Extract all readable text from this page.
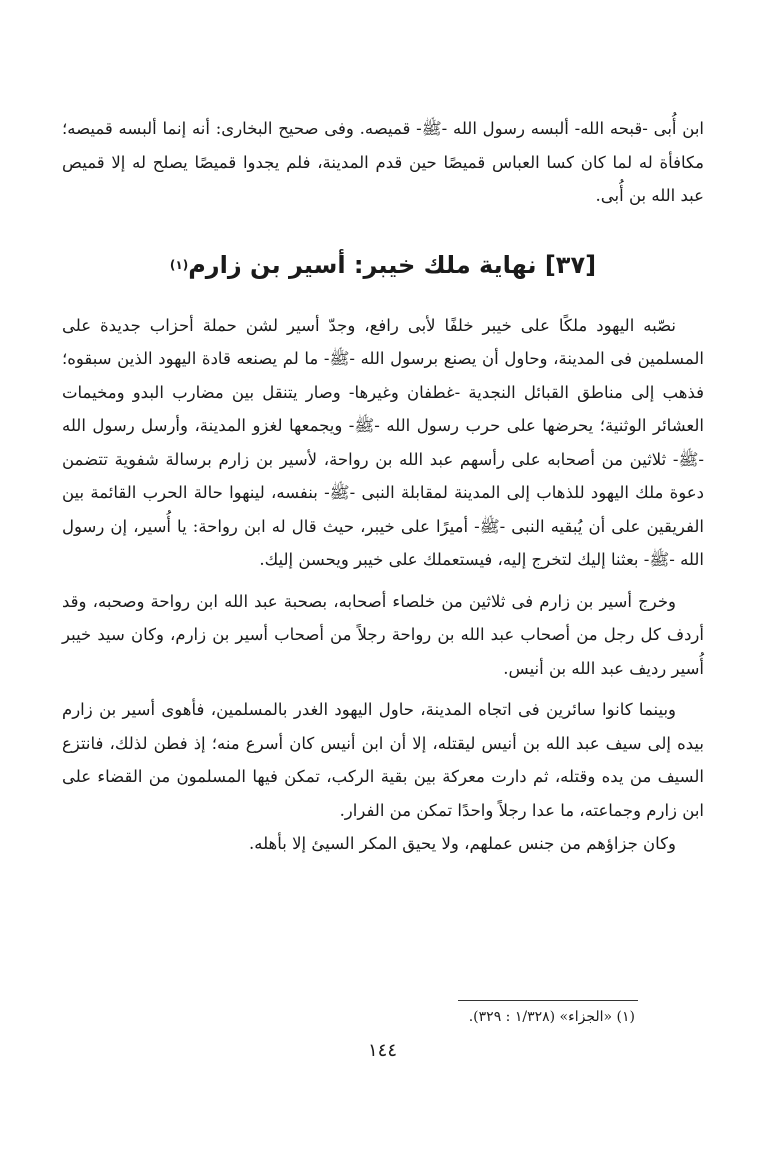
ابن أُبى -قبحه الله- ألبسه رسول الله -ﷺ- قميصه. وفى صحيح البخارى: أنه إنما ألبسه قميصه؛ مكافأة له لما كان كسا العباس قميصًا حين قدم المدينة، فلم يجدوا قميصًا يصلح له إلا قميص عبد الله بن أُبى.

[٣٧] نهاية ملك خيبر: أسير بن زارم$^{(١)}$

نصّبه اليهود ملكًا على خيبر خلفًا لأبى رافع، وجدّ أسير لشن حملة أحزاب جديدة على المسلمين فى المدينة، وحاول أن يصنع برسول الله -ﷺ- ما لم يصنعه قادة اليهود الذين سبقوه؛ فذهب إلى مناطق القبائل النجدية -غطفان وغيرها- وصار يتنقل بين مضارب البدو ومخيمات العشائر الوثنية؛ يحرضها على حرب رسول الله -ﷺ- ويجمعها لغزو المدينة، وأرسل رسول الله -ﷺ- ثلاثين من أصحابه على رأسهم عبد الله بن رواحة، لأسير بن زارم برسالة شفوية تتضمن دعوة ملك اليهود للذهاب إلى المدينة لمقابلة النبى -ﷺ- بنفسه، لينهوا حالة الحرب القائمة بين الفريقين على أن يُبقيه النبى -ﷺ- أميرًا على خيبر، حيث قال له ابن رواحة: يا أُسير، إن رسول الله -ﷺ- بعثنا إليك لتخرج إليه، فيستعملك على خيبر ويحسن إليك.

وخرج أسير بن زارم فى ثلاثين من خلصاء أصحابه، بصحبة عبد الله ابن رواحة وصحبه، وقد أردف كل رجل من أصحاب عبد الله بن رواحة رجلاً من أصحاب أسير بن زارم، وكان سيد خيبر أُسير رديف عبد الله بن أنيس.

وبينما كانوا سائرين فى اتجاه المدينة، حاول اليهود الغدر بالمسلمين، فأهوى أسير بن زارم بيده إلى سيف عبد الله بن أنيس ليقتله، إلا أن ابن أنيس كان أسرع منه؛ إذ فطن لذلك، فانتزع السيف من يده وقتله، ثم دارت معركة بين بقية الركب، تمكن فيها المسلمون من القضاء على ابن زارم وجماعته، ما عدا رجلاً واحدًا تمكن من الفرار.

وكان جزاؤهم من جنس عملهم، ولا يحيق المكر السيئ إلا بأهله.

(١) «الجزاء» (١/٣٢٨ : ٣٢٩).
١٤٤
